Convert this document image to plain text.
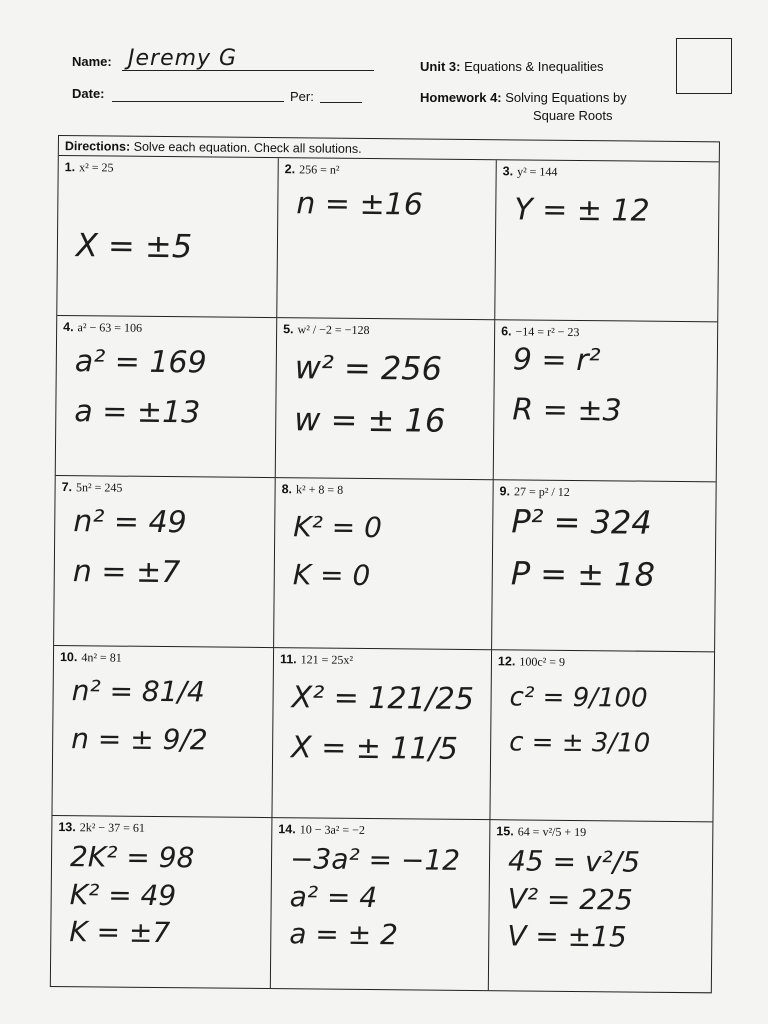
Name: Jeremy G
Date:	Per:
Unit 3: Equations & Inequalities
Homework 4: Solving Equations by
Square Roots
Directions: Solve each equation. Check all solutions.
1. x² = 25
X = ±5
2. 256 = n²
n = ±16
3. y² = 144
Y = ± 12
4. a² − 63 = 106
a² = 169
a = ±13
5. w² / −2 = −128
w² = 256
w = ± 16
6. −14 = r² − 23
9 = r²
R = ±3
7. 5n² = 245
n² = 49
n = ±7
8. k² + 8 = 8
K² = 0
K = 0
9. 27 = p² / 12
P² = 324
P = ± 18
10. 4n² = 81
n² = 81/4
n = ± 9/2
11. 121 = 25x²
X² = 121/25
X = ± 11/5
12. 100c² = 9
c² = 9/100
c = ± 3/10
13. 2k² − 37 = 61
2K² = 98
K² = 49
K = ±7
14. 10 − 3a² = −2
−3a² = −12
a² = 4
a = ± 2
15. 64 = v²/5 + 19
45 = v²/5
V² = 225
V = ±15
